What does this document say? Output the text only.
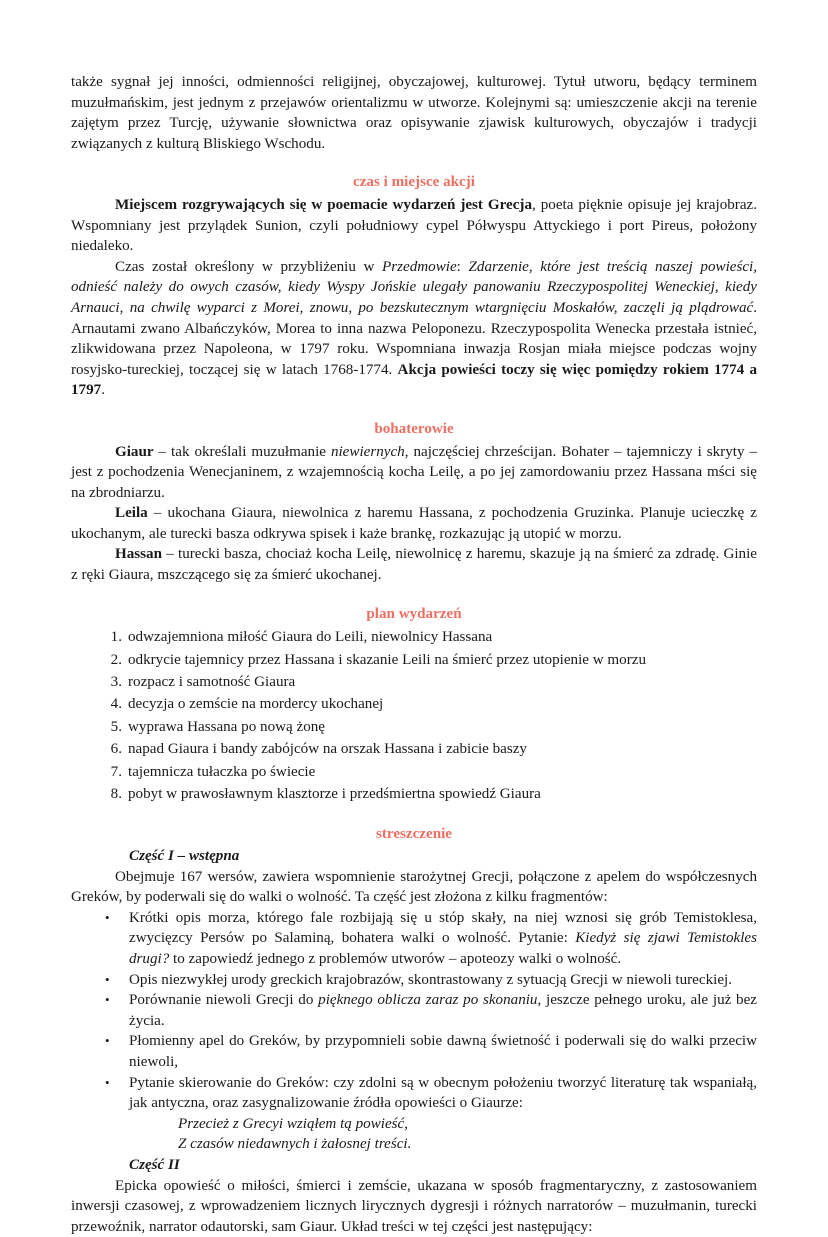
także sygnał jej inności, odmienności religijnej, obyczajowej, kulturowej. Tytuł utworu, będący terminem muzułmańskim, jest jednym z przejawów orientalizmu w utworze. Kolejnymi są: umieszczenie akcji na terenie zajętym przez Turcję, używanie słownictwa oraz opisywanie zjawisk kulturowych, obyczajów i tradycji związanych z kulturą Bliskiego Wschodu.

czas i miejsce akcji

Miejscem rozgrywających się w poemacie wydarzeń jest Grecja, poeta pięknie opisuje jej krajobraz. Wspomniany jest przylądek Sunion, czyli południowy cypel Półwyspu Attyckiego i port Pireus, położony niedaleko.

Czas został określony w przybliżeniu w Przedmowie: Zdarzenie, które jest treścią naszej powieści, odnieść należy do owych czasów, kiedy Wyspy Jońskie ulegały panowaniu Rzeczypospolitej Weneckiej, kiedy Arnauci, na chwilę wyparci z Morei, znowu, po bezskutecznym wtargnięciu Moskałów, zaczęli ją plądrować. Arnautami zwano Albańczyków, Morea to inna nazwa Peloponezu. Rzeczypospolita Wenecka przestała istnieć, zlikwidowana przez Napoleona, w 1797 roku. Wspomniana inwazja Rosjan miała miejsce podczas wojny rosyjsko-tureckiej, toczącej się w latach 1768-1774. Akcja powieści toczy się więc pomiędzy rokiem 1774 a 1797.

bohaterowie

Giaur – tak określali muzułmanie niewiernych, najczęściej chrześcijan. Bohater – tajemniczy i skryty – jest z pochodzenia Wenecjaninem, z wzajemnością kocha Leilę, a po jej zamordowaniu przez Hassana mści się na zbrodniarzu.

Leila – ukochana Giaura, niewolnica z haremu Hassana, z pochodzenia Gruzinka. Planuje ucieczkę z ukochanym, ale turecki basza odkrywa spisek i każe brankę, rozkazując ją utopić w morzu.

Hassan – turecki basza, chociaż kocha Leilę, niewolnicę z haremu, skazuje ją na śmierć za zdradę. Ginie z ręki Giaura, mszczącego się za śmierć ukochanej.

plan wydarzeń
odwzajemniona miłość Giaura do Leili, niewolnicy Hassana
odkrycie tajemnicy przez Hassana i skazanie Leili na śmierć przez utopienie w morzu
rozpacz i samotność Giaura
decyzja o zemście na mordercy ukochanej
wyprawa Hassana po nową żonę
napad Giaura i bandy zabójców na orszak Hassana i zabicie baszy
tajemnicza tułaczka po świecie
pobyt w prawosławnym klasztorze i przedśmiertna spowiedź Giaura
streszczenie
Część I – wstępna

Obejmuje 167 wersów, zawiera wspomnienie starożytnej Grecji, połączone z apelem do współczesnych Greków, by poderwali się do walki o wolność. Ta część jest złożona z kilku fragmentów:

• Krótki opis morza, którego fale rozbijają się u stóp skały, na niej wznosi się grób Temistoklesa, zwycięzcy Persów po Salaminą, bohatera walki o wolność. Pytanie: Kiedyż się zjawi Temistokles drugi? to zapowiedź jednego z problemów utworów – apoteozy walki o wolność.
• Opis niezwykłej urody greckich krajobrazów, skontrastowany z sytuacją Grecji w niewoli tureckiej.
• Porównanie niewoli Grecji do pięknego oblicza zaraz po skonaniu, jeszcze pełnego uroku, ale już bez życia.
• Płomienny apel do Greków, by przypomnieli sobie dawną świetność i poderwali się do walki przeciw niewoli,
• Pytanie skierowanie do Greków: czy zdolni są w obecnym położeniu tworzyć literaturę tak wspaniałą, jak antyczna, oraz zasygnalizowanie źródła opowieści o Giaurze:
Przecież z Grecyi wziąłem tą powieść,
Z czasów niedawnych i żałosnej treści.
Część II

Epicka opowieść o miłości, śmierci i zemście, ukazana w sposób fragmentaryczny, z zastosowaniem inwersji czasowej, z wprowadzeniem licznych lirycznych dygresji i różnych narratorów – muzułmanin, turecki przewoźnik, narrator odautorski, sam Giaur. Układ treści w tej części jest następujący:
